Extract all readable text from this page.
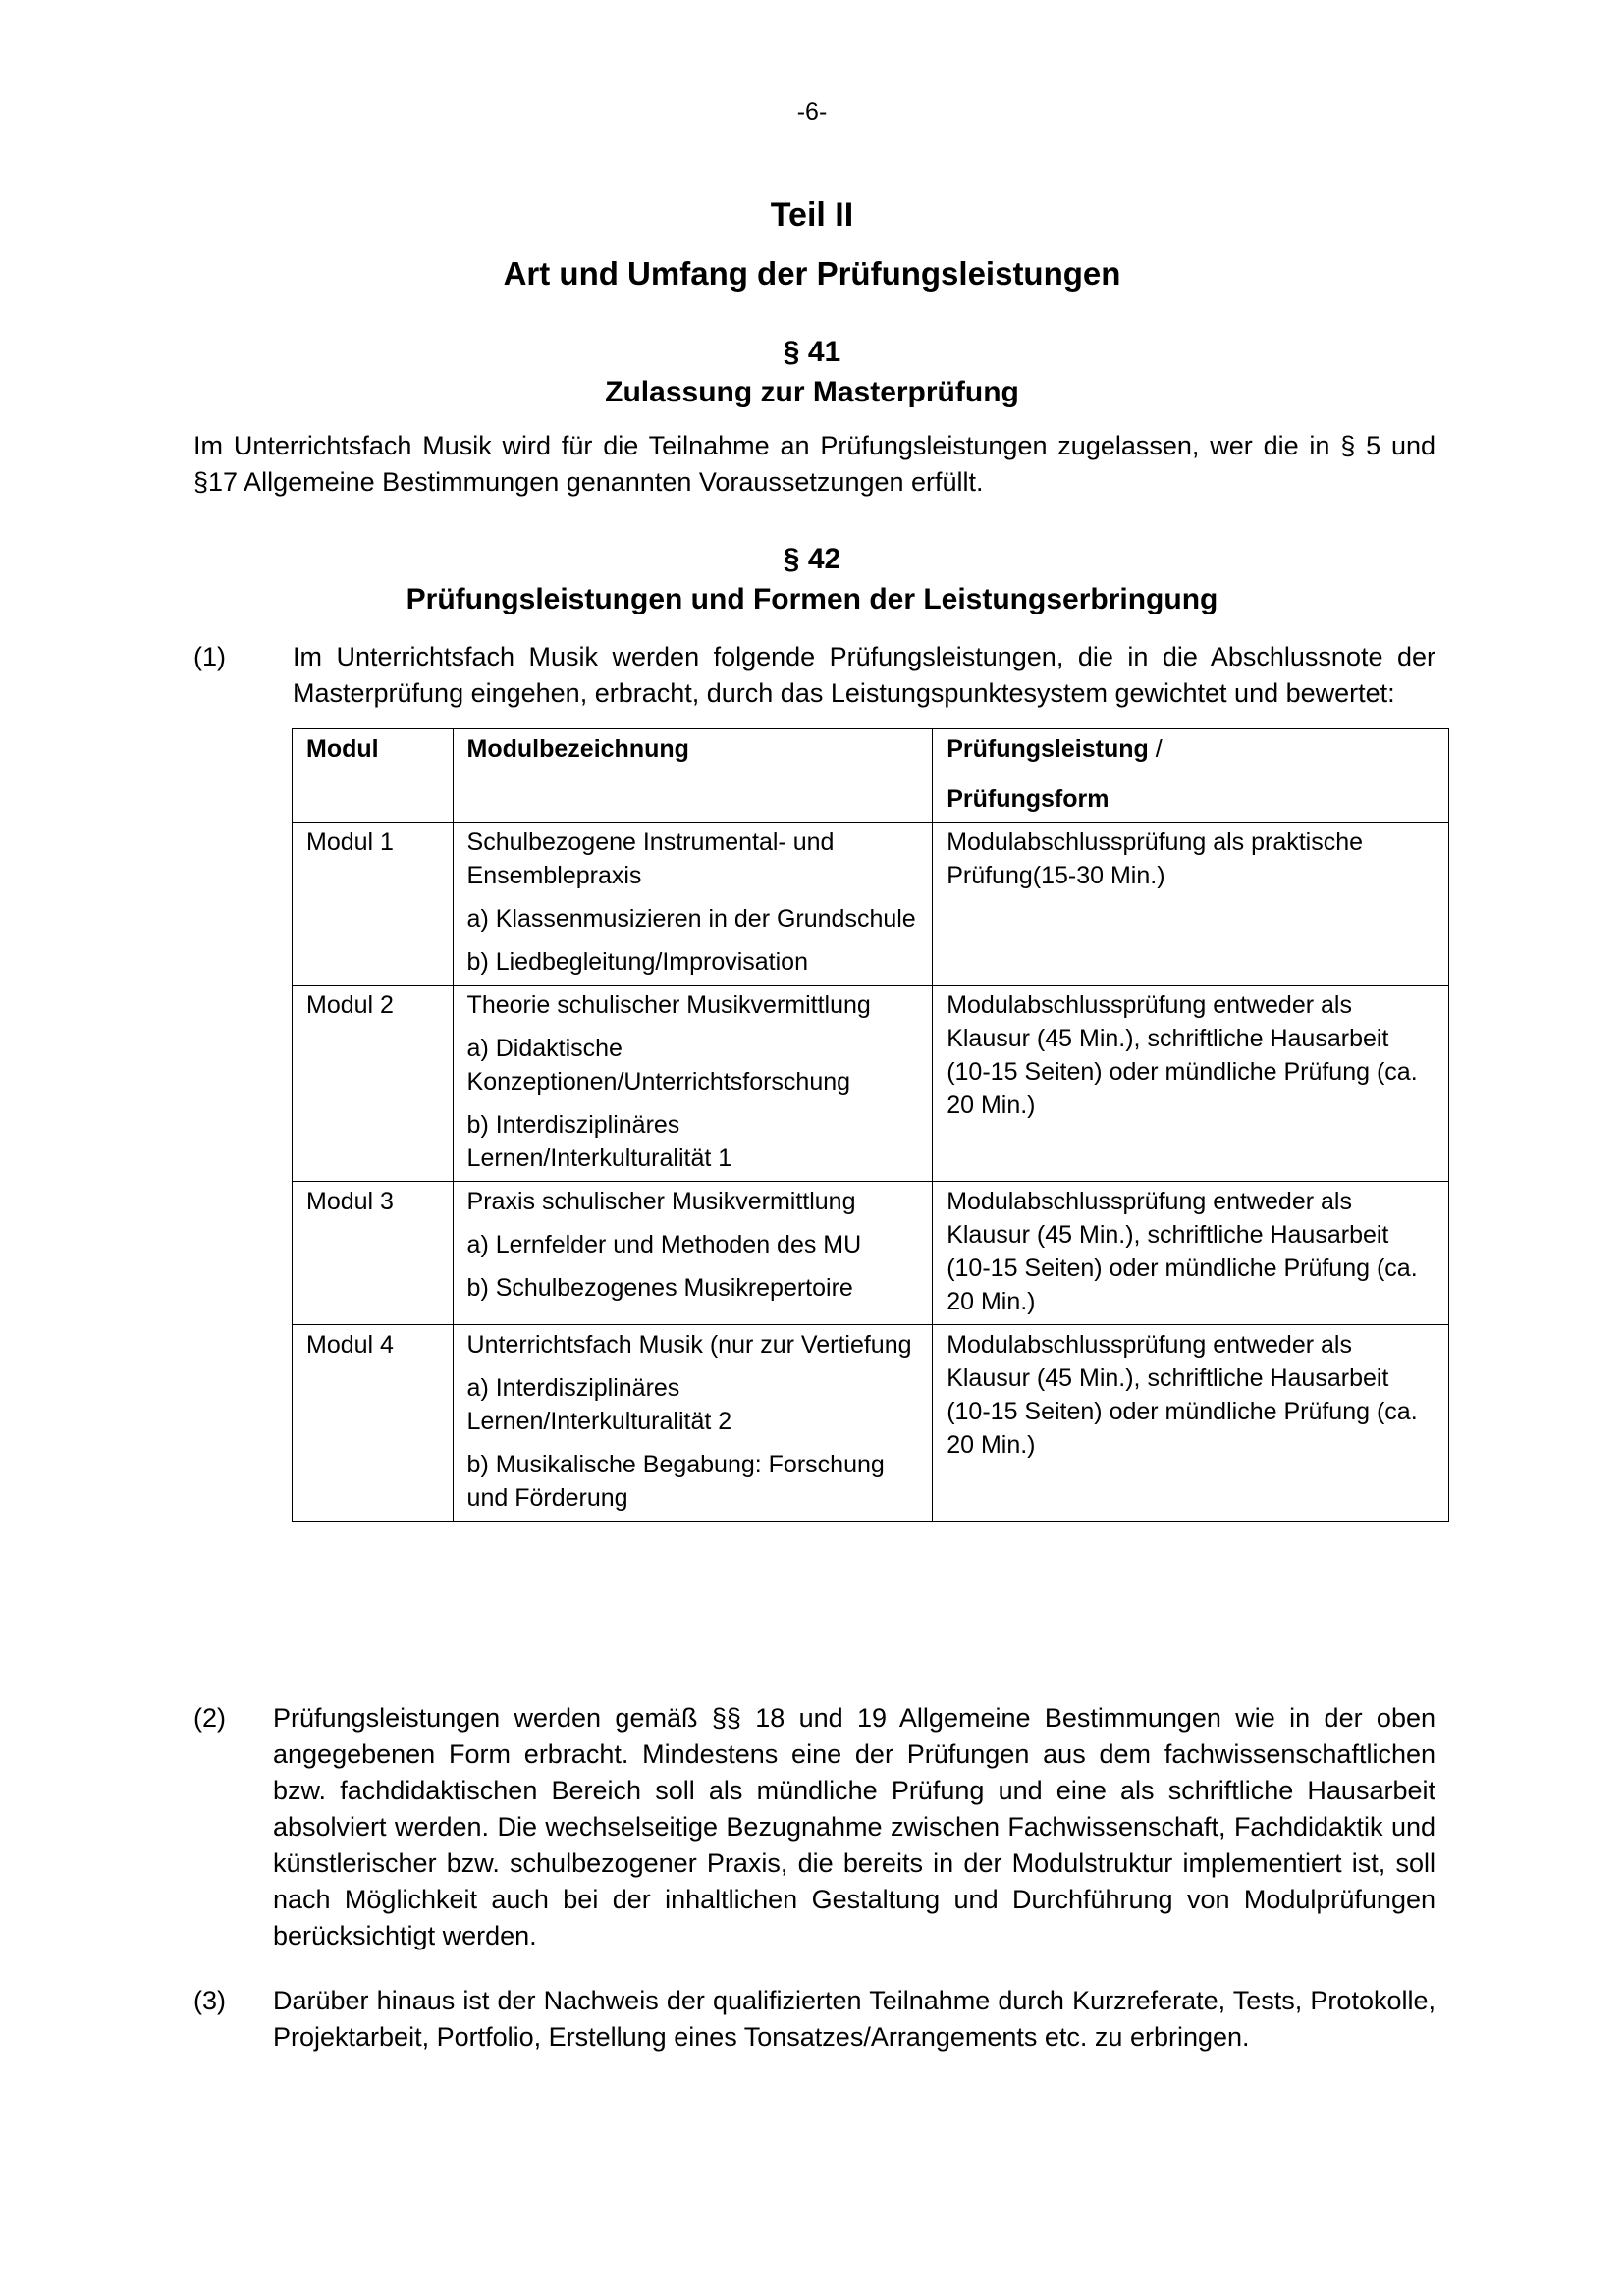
-6-
Teil II
Art und Umfang der Prüfungsleistungen
§ 41
Zulassung zur Masterprüfung
Im Unterrichtsfach Musik wird für die Teilnahme an Prüfungsleistungen zugelassen, wer die in § 5 und §17 Allgemeine Bestimmungen genannten Voraussetzungen erfüllt.
§ 42
Prüfungsleistungen und Formen der Leistungserbringung
(1)	Im Unterrichtsfach Musik werden folgende Prüfungsleistungen, die in die Abschlussnote der Masterprüfung eingehen, erbracht, durch das Leistungspunktesystem gewichtet und bewertet:
Modul	Modulbezeichnung	Prüfungsleistung /
Prüfungsform

Modul 1	Schulbezogene Instrumental- und Ensemblepraxis
a) Klassenmusizieren in der Grundschule
b) Liedbegleitung/Improvisation	Modulabschlussprüfung als praktische Prüfung(15-30 Min.)
Modul 2	Theorie schulischer Musikvermittlung
a) Didaktische Konzeptionen/Unterrichtsforschung
b) Interdisziplinäres Lernen/Interkulturalität 1	Modulabschlussprüfung entweder als Klausur (45 Min.), schriftliche Hausarbeit (10-15 Seiten) oder mündliche Prüfung (ca. 20 Min.)
Modul 3	Praxis schulischer Musikvermittlung
a) Lernfelder und Methoden des MU
b) Schulbezogenes Musikrepertoire	Modulabschlussprüfung entweder als Klausur (45 Min.), schriftliche Hausarbeit (10-15 Seiten) oder mündliche Prüfung (ca. 20 Min.)
Modul 4	Unterrichtsfach Musik (nur zur Vertiefung
a) Interdisziplinäres Lernen/Interkulturalität 2
b) Musikalische Begabung: Forschung und Förderung	Modulabschlussprüfung entweder als Klausur (45 Min.), schriftliche Hausarbeit (10-15 Seiten) oder mündliche Prüfung (ca. 20 Min.)
(2) Prüfungsleistungen werden gemäß §§ 18 und 19 Allgemeine Bestimmungen wie in der oben angegebenen Form erbracht. Mindestens eine der Prüfungen aus dem fachwissenschaftlichen bzw. fachdidaktischen Bereich soll als mündliche Prüfung und eine als schriftliche Hausarbeit absolviert werden. Die wechselseitige Bezugnahme zwischen Fachwissenschaft, Fachdidaktik und künstlerischer bzw. schulbezogener Praxis, die bereits in der Modulstruktur implementiert ist, soll nach Möglichkeit auch bei der inhaltlichen Gestaltung und Durchführung von Modulprüfungen berücksichtigt werden.
(3) Darüber hinaus ist der Nachweis der qualifizierten Teilnahme durch Kurzreferate, Tests, Protokolle, Projektarbeit, Portfolio, Erstellung eines Tonsatzes/Arrangements etc. zu erbringen.
